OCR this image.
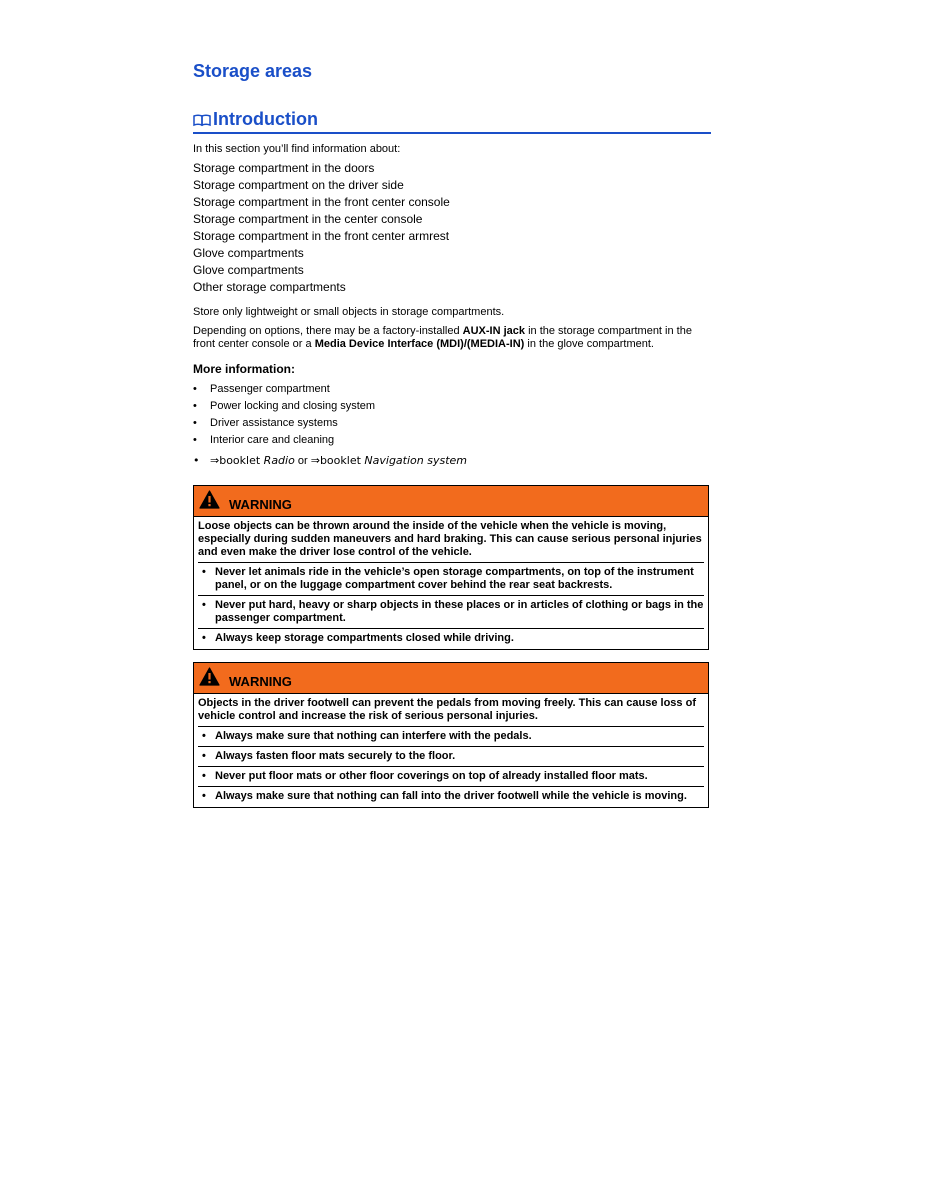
Storage areas
Introduction
In this section you’ll find information about:
Storage compartment in the doors
Storage compartment on the driver side
Storage compartment in the front center console
Storage compartment in the center console
Storage compartment in the front center armrest
Glove compartments
Glove compartments
Other storage compartments

Store only lightweight or small objects in storage compartments.

Depending on options, there may be a factory-installed AUX-IN jack in the storage compartment in the front center console or a Media Device Interface (MDI)/(MEDIA-IN) in the glove compartment.

More information:
• Passenger compartment
• Power locking and closing system
• Driver assistance systems
• Interior care and cleaning
• ⇒booklet Radio or ⇒booklet Navigation system
WARNING
Loose objects can be thrown around the inside of the vehicle when the vehicle is moving, especially during sudden maneuvers and hard braking. This can cause serious personal injuries and even make the driver lose control of the vehicle.
• Never let animals ride in the vehicle’s open storage compartments, on top of the instrument panel, or on the luggage compartment cover behind the rear seat backrests.
• Never put hard, heavy or sharp objects in these places or in articles of clothing or bags in the passenger compartment.
• Always keep storage compartments closed while driving.
WARNING
Objects in the driver footwell can prevent the pedals from moving freely. This can cause loss of vehicle control and increase the risk of serious personal injuries.
• Always make sure that nothing can interfere with the pedals.
• Always fasten floor mats securely to the floor.
• Never put floor mats or other floor coverings on top of already installed floor mats.
• Always make sure that nothing can fall into the driver footwell while the vehicle is moving.
